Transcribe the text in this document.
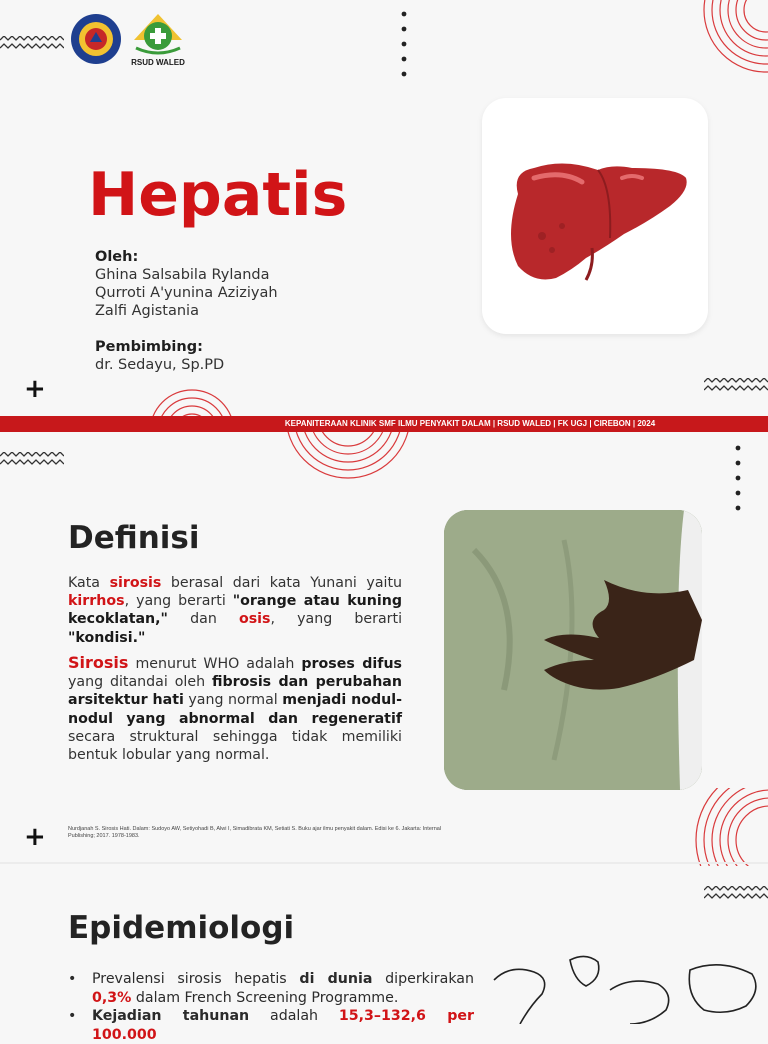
+
+
RSUD WALED
Hepatis
Oleh:
Ghina Salsabila Rylanda
Qurroti A'yunina Aziziyah
Zalfi Agistania
Pembimbing:
dr. Sedayu, Sp.PD
KEPANITERAAN KLINIK SMF ILMU PENYAKIT DALAM | RSUD WALED | FK UGJ | CIREBON | 2024
Definisi
Kata sirosis berasal dari kata Yunani yaitu kirrhos, yang berarti "orange atau kuning kecoklatan," dan osis, yang berarti "kondisi."
Sirosis menurut WHO adalah proses difus yang ditandai oleh fibrosis dan perubahan arsitektur hati yang normal menjadi nodul-nodul yang abnormal dan regeneratif secara struktural sehingga tidak memiliki bentuk lobular yang normal.
Nurdjanah S. Sirosis Hati. Dalam: Sudoyo AW, Setiyohadi B, Alwi I, Simadibrata KM, Setiati S. Buku ajar ilmu penyakit dalam. Edisi ke 6. Jakarta: Internal Publishing; 2017. 1978-1983.
Epidemiologi
• Prevalensi sirosis hepatis di dunia diperkirakan 0,3% dalam French Screening Programme.
• Kejadian tahunan adalah 15,3–132,6 per 100.000
